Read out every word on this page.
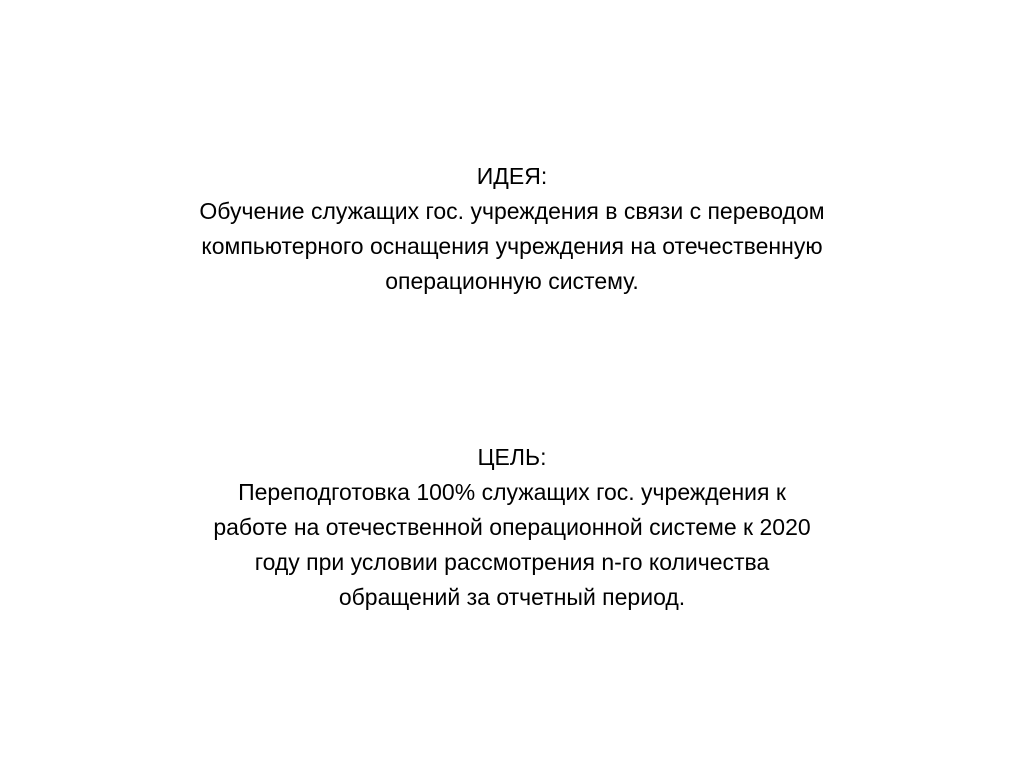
ИДЕЯ:
Обучение служащих гос. учреждения в связи с переводом
компьютерного оснащения учреждения на отечественную
операционную систему.
ЦЕЛЬ:
Переподготовка 100% служащих гос. учреждения к
работе на отечественной операционной системе к 2020
году при условии рассмотрения n-го количества
обращений за отчетный период.
